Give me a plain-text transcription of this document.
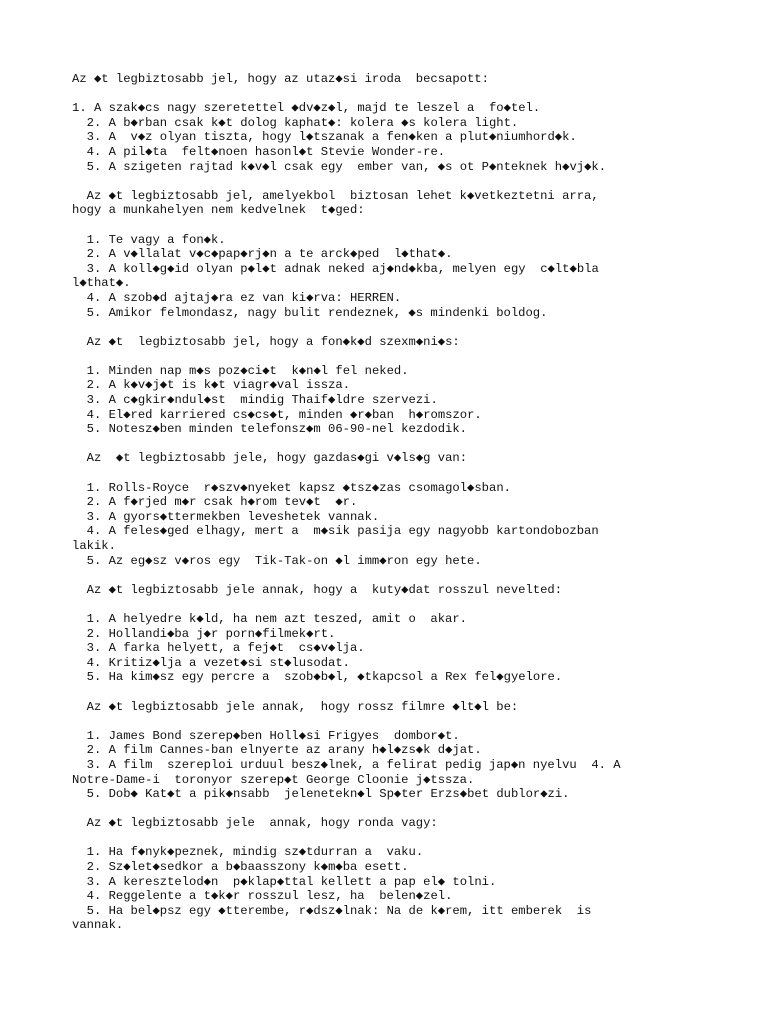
Az ◆t legbiztosabb jel, hogy az utaz◆si iroda  becsapott:
1. A szak◆cs nagy szeretettel ◆dv◆z◆l, majd te leszel a  fo◆tel.
2. A b◆rban csak k◆t dolog kaphat◆: kolera ◆s kolera light.
3. A  v◆z olyan tiszta, hogy l◆tszanak a fen◆ken a plut◆niumhord◆k.
4. A pil◆ta  felt◆noen hasonl◆t Stevie Wonder-re.
5. A szigeten rajtad k◆v◆l csak egy  ember van, ◆s ot P◆nteknek h◆vj◆k.
Az ◆t legbiztosabb jel, amelyekbol  biztosan lehet k◆vetkeztetni arra,
hogy a munkahelyen nem kedvelnek  t◆ged:
1. Te vagy a fon◆k.
2. A v◆llalat v◆c◆pap◆rj◆n a te arck◆ped  l◆that◆.
3. A koll◆g◆id olyan p◆l◆t adnak neked aj◆nd◆kba, melyen egy  c◆lt◆bla
l◆that◆.
4. A szob◆d ajtaj◆ra ez van ki◆rva: HERREN.
5. Amikor felmondasz, nagy bulit rendeznek, ◆s mindenki boldog.
Az ◆t  legbiztosabb jel, hogy a fon◆k◆d szexm◆ni◆s:
1. Minden nap m◆s poz◆ci◆t  k◆n◆l fel neked.
2. A k◆v◆j◆t is k◆t viagr◆val issza.
3. A c◆gkir◆ndul◆st  mindig Thaif◆ldre szervezi.
4. El◆red karriered cs◆cs◆t, minden ◆r◆ban  h◆romszor.
5. Notesz◆ben minden telefonsz◆m 06-90-nel kezdodik.
Az  ◆t legbiztosabb jele, hogy gazdas◆gi v◆ls◆g van:
1. Rolls-Royce  r◆szv◆nyeket kapsz ◆tsz◆zas csomagol◆sban.
2. A f◆rjed m◆r csak h◆rom tev◆t  ◆r.
3. A gyors◆ttermekben leveshetek vannak.
4. A feles◆ged elhagy, mert a  m◆sik pasija egy nagyobb kartondobozban
lakik.
5. Az eg◆sz v◆ros egy  Tik-Tak-on ◆l imm◆ron egy hete.
Az ◆t legbiztosabb jele annak, hogy a  kuty◆dat rosszul nevelted:
1. A helyedre k◆ld, ha nem azt teszed, amit o  akar.
2. Hollandi◆ba j◆r porn◆filmek◆rt.
3. A farka helyett, a fej◆t  cs◆v◆lja.
4. Kritiz◆lja a vezet◆si st◆lusodat.
5. Ha kim◆sz egy percre a  szob◆b◆l, ◆tkapcsol a Rex fel◆gyelore.
Az ◆t legbiztosabb jele annak,  hogy rossz filmre ◆lt◆l be:
1. James Bond szerep◆ben Holl◆si Frigyes  dombor◆t.
2. A film Cannes-ban elnyerte az arany h◆l◆zs◆k d◆jat.
3. A film  szereploi urduul besz◆lnek, a felirat pedig jap◆n nyelvu  4. A
Notre-Dame-i  toronyor szerep◆t George Cloonie j◆tssza.
5. Dob◆ Kat◆t a pik◆nsabb  jelenetekn◆l Sp◆ter Erzs◆bet dublor◆zi.
Az ◆t legbiztosabb jele  annak, hogy ronda vagy:
1. Ha f◆nyk◆peznek, mindig sz◆tdurran a  vaku.
2. Sz◆let◆sedkor a b◆baasszony k◆m◆ba esett.
3. A keresztelod◆n  p◆klap◆ttal kellett a pap el◆ tolni.
4. Reggelente a t◆k◆r rosszul lesz, ha  belen◆zel.
5. Ha bel◆psz egy ◆tterembe, r◆dsz◆lnak: Na de k◆rem, itt emberek  is
vannak.
